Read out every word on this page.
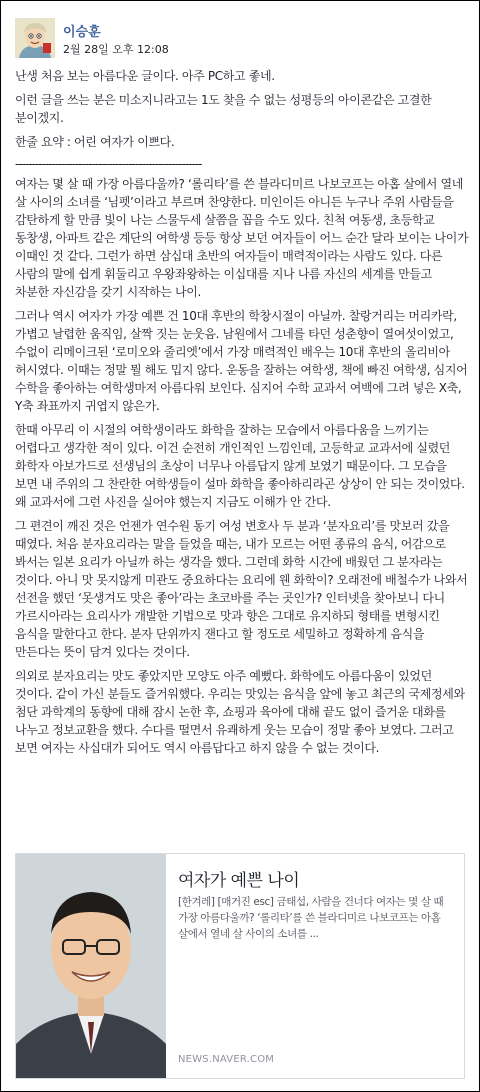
이승훈
2월 28일 오후 12:08

난생 처음 보는 아름다운 글이다. 아주 PC하고 좋네.

이런 글을 쓰는 분은 미소지니라고는 1도 찾을 수 없는 성평등의 아이콘같은 고결한 분이겠지.

한줄 요약 : 어린 여자가 이쁘다.

--------------------------------------------------------

여자는 몇 살 때 가장 아름다울까? ‘롤리타’를 쓴 블라디미르 나보코프는 아홉 살에서 열네 살 사이의 소녀를 ‘님펫’이라고 부르며 찬양한다. 미인이든 아니든 누구나 주위 사람들을 감탄하게 할 만큼 빛이 나는 스물두세 살쯤을 꼽을 수도 있다. 친척 여동생, 초등학교 동창생, 아파트 같은 계단의 여학생 등등 항상 보던 여자들이 어느 순간 달라 보이는 나이가 이때인 것 같다. 그런가 하면 삼십대 초반의 여자들이 매력적이라는 사람도 있다. 다른 사람의 말에 쉽게 휘둘리고 우왕좌왕하는 이십대를 지나 나름 자신의 세계를 만들고 차분한 자신감을 갖기 시작하는 나이.

그러나 역시 여자가 가장 예쁜 건 10대 후반의 학창시절이 아닐까. 찰랑거리는 머리카락, 가볍고 날렵한 움직임, 살짝 짓는 눈웃음. 남원에서 그네를 타던 성춘향이 열여섯이었고, 수없이 리메이크된 ‘로미오와 줄리엣’에서 가장 매력적인 배우는 10대 후반의 올리비아 허시였다. 이때는 정말 뭘 해도 밉지 않다. 운동을 잘하는 여학생, 책에 빠진 여학생, 심지어 수학을 좋아하는 여학생마저 아름다워 보인다. 심지어 수학 교과서 여백에 그려 넣은 X축, Y축 좌표까지 귀엽지 않은가.

한때 아무리 이 시절의 여학생이라도 화학을 잘하는 모습에서 아름다움을 느끼기는 어렵다고 생각한 적이 있다. 이건 순전히 개인적인 느낌인데, 고등학교 교과서에 실렸던 화학자 아보가드로 선생님의 초상이 너무나 아름답지 않게 보였기 때문이다. 그 모습을 보면 내 주위의 그 찬란한 여학생들이 설마 화학을 좋아하리라곤 상상이 안 되는 것이었다. 왜 교과서에 그런 사진을 실어야 했는지 지금도 이해가 안 간다.

그 편견이 깨진 것은 언젠가 연수원 동기 여성 변호사 두 분과 ‘분자요리’를 맛보러 갔을 때였다. 처음 분자요리라는 말을 들었을 때는, 내가 모르는 어떤 종류의 음식, 어감으로 봐서는 일본 요리가 아닐까 하는 생각을 했다. 그런데 화학 시간에 배웠던 그 분자라는 것이다. 아니 맛 못지않게 미관도 중요하다는 요리에 웬 화학이? 오래전에 배철수가 나와서 선전을 했던 ‘못생겨도 맛은 좋아’라는 초코바를 주는 곳인가? 인터넷을 찾아보니 다니 가르시아라는 요리사가 개발한 기법으로 맛과 향은 그대로 유지하되 형태를 변형시킨 음식을 말한다고 한다. 분자 단위까지 잰다고 할 정도로 세밀하고 정확하게 음식을 만든다는 뜻이 담겨 있다는 것이다.

의외로 분자요리는 맛도 좋았지만 모양도 아주 예뻤다. 화학에도 아름다움이 있었던 것이다. 같이 가신 분들도 즐거워했다. 우리는 맛있는 음식을 앞에 놓고 최근의 국제정세와 첨단 과학계의 동향에 대해 잠시 논한 후, 쇼핑과 육아에 대해 끝도 없이 즐거운 대화를 나누고 정보교환을 했다. 수다를 떨면서 유쾌하게 웃는 모습이 정말 좋아 보였다. 그러고 보면 여자는 사십대가 되어도 역시 아름답다고 하지 않을 수 없는 것이다.

여자가 예쁜 나이
[한겨레] [매거진 esc] 금태섭, 사람을 건너다 여자는 몇 살 때 가장 아름다울까? ‘롤리타’를 쓴 블라디미르 나보코프는 아홉 살에서 열네 살 사이의 소녀를 ...
NEWS.NAVER.COM
